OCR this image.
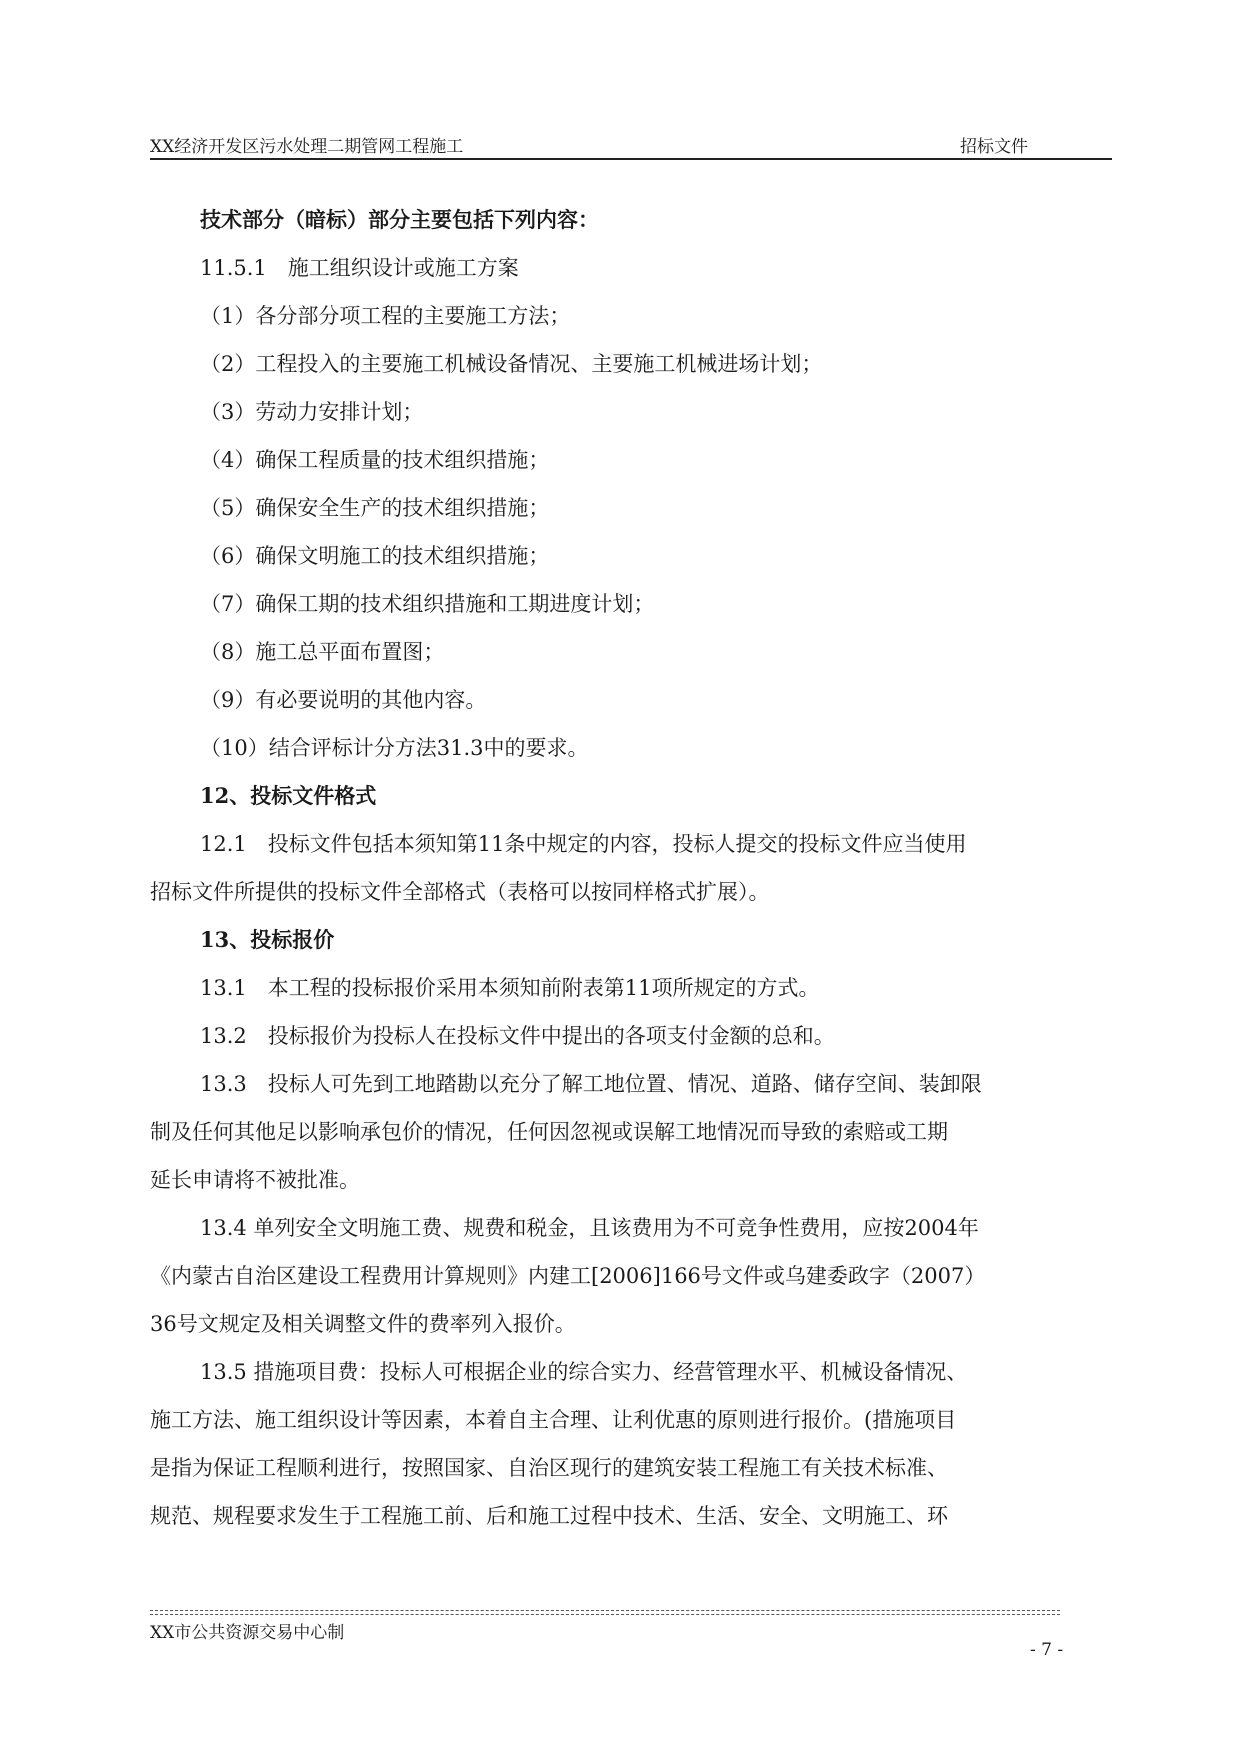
XX经济开发区污水处理二期管网工程施工	招标文件
技术部分（暗标）部分主要包括下列内容：
11.5.1　施工组织设计或施工方案
（1）各分部分项工程的主要施工方法；
（2）工程投入的主要施工机械设备情况、主要施工机械进场计划；
（3）劳动力安排计划；
（4）确保工程质量的技术组织措施；
（5）确保安全生产的技术组织措施；
（6）确保文明施工的技术组织措施；
（7）确保工期的技术组织措施和工期进度计划；
（8）施工总平面布置图；
（9）有必要说明的其他内容。
（10）结合评标计分方法31.3中的要求。
12、投标文件格式
12.1　投标文件包括本须知第11条中规定的内容，投标人提交的投标文件应当使用
招标文件所提供的投标文件全部格式（表格可以按同样格式扩展）。
13、投标报价
13.1　本工程的投标报价采用本须知前附表第11项所规定的方式。
13.2　投标报价为投标人在投标文件中提出的各项支付金额的总和。
13.3　投标人可先到工地踏勘以充分了解工地位置、情况、道路、储存空间、装卸限
制及任何其他足以影响承包价的情况，任何因忽视或误解工地情况而导致的索赔或工期
延长申请将不被批准。
13.4 单列安全文明施工费、规费和税金，且该费用为不可竞争性费用，应按2004年
《内蒙古自治区建设工程费用计算规则》内建工[2006]166号文件或乌建委政字（2007）
36号文规定及相关调整文件的费率列入报价。
13.5 措施项目费：投标人可根据企业的综合实力、经营管理水平、机械设备情况、
施工方法、施工组织设计等因素，本着自主合理、让利优惠的原则进行报价。(措施项目
是指为保证工程顺利进行，按照国家、自治区现行的建筑安装工程施工有关技术标准、
规范、规程要求发生于工程施工前、后和施工过程中技术、生活、安全、文明施工、环
XX市公共资源交易中心制
- 7 -
